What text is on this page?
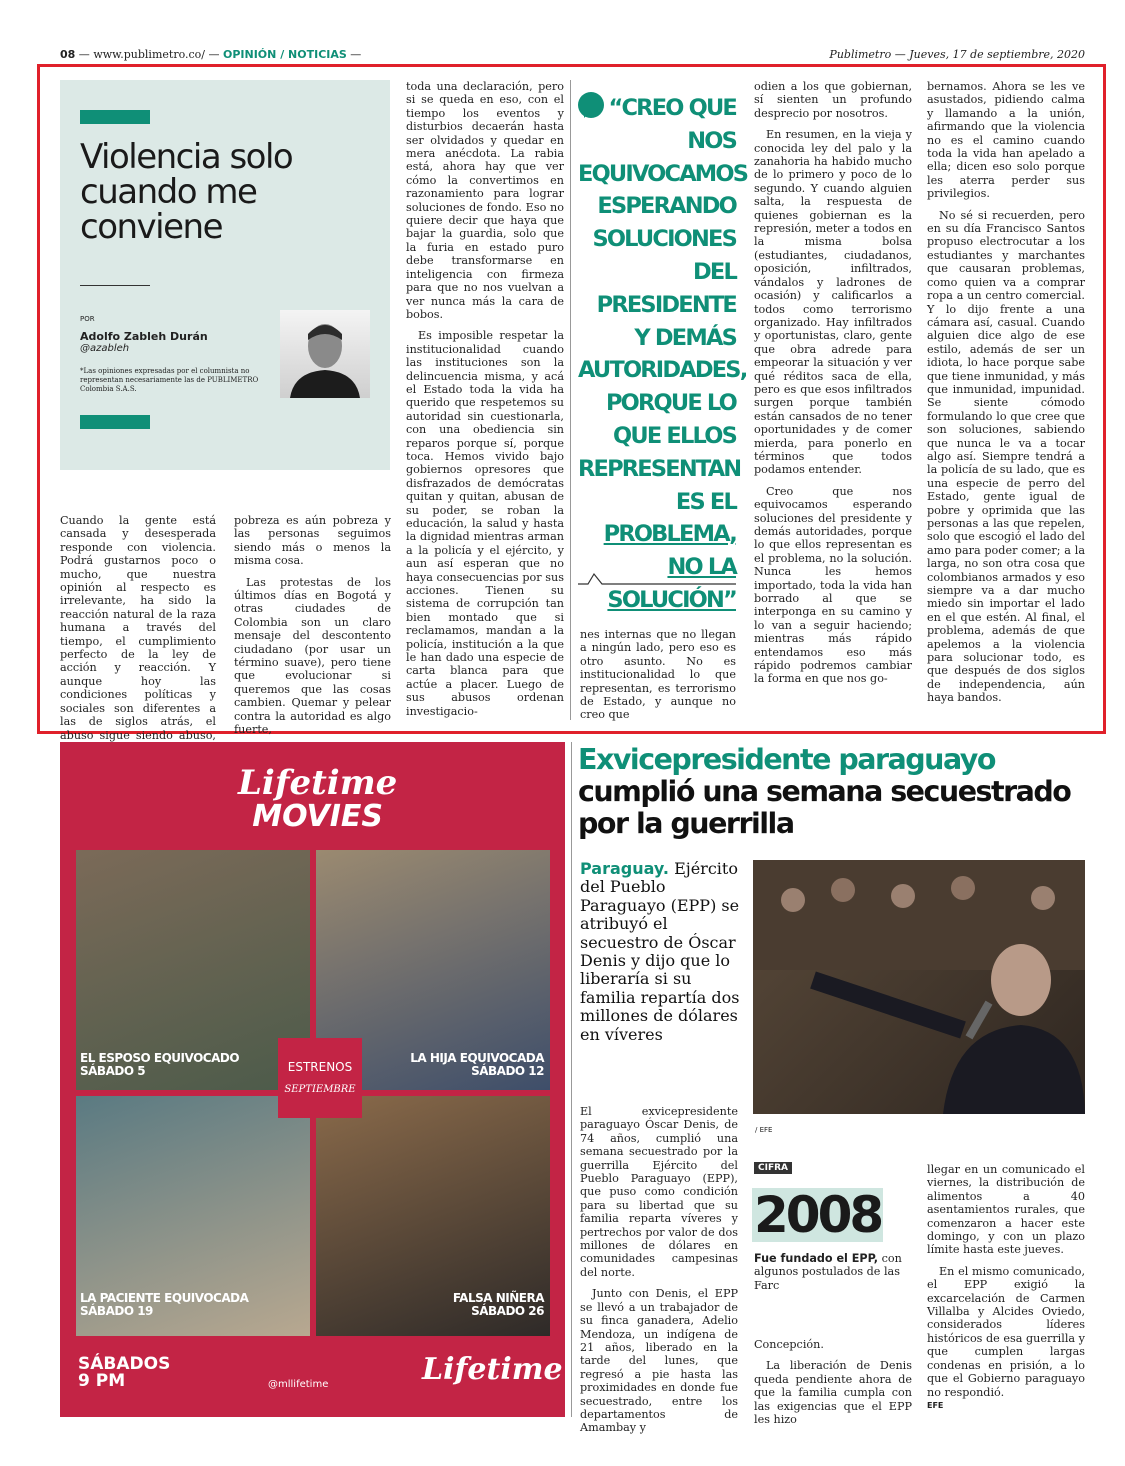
08 — www.publimetro.co/ — OPINIÓN / NOTICIAS —	Publimetro — Jueves, 17 de septiembre, 2020
Violencia solo cuando me conviene
POR
Adolfo Zableh Durán
@azableh
*Las opiniones expresadas por el columnista no representan necesariamente las de PUBLIMETRO Colombia S.A.S.

Cuando la gente está cansada y desesperada responde con violencia. Podrá gustarnos poco o mucho, que nuestra opinión al respecto es irrelevante, ha sido la reacción natural de la raza humana a través del tiempo, el cumplimiento perfecto de la ley de acción y reacción. Y aunque hoy las condiciones políticas y sociales son diferentes a las de siglos atrás, el abuso sigue siendo abuso,

pobreza es aún pobreza y las personas seguimos siendo más o menos la misma cosa.

Las protestas de los últimos días en Bogotá y otras ciudades de Colombia son un claro mensaje del descontento ciudadano (por usar un término suave), pero tiene que evolucionar si queremos que las cosas cambien. Quemar y pelear contra la autoridad es algo fuerte,

toda una declaración, pero si se queda en eso, con el tiempo los eventos y disturbios decaerán hasta ser olvidados y quedar en mera anécdota. La rabia está, ahora hay que ver cómo la convertimos en razonamiento para lograr soluciones de fondo. Eso no quiere decir que haya que bajar la guardia, solo que la furia en estado puro debe transformarse en inteligencia con firmeza para que no nos vuelvan a ver nunca más la cara de bobos.

Es imposible respetar la institucionalidad cuando las instituciones son la delincuencia misma, y acá el Estado toda la vida ha querido que respetemos su autoridad sin cuestionarla, con una obediencia sin reparos porque sí, porque toca. Hemos vivido bajo gobiernos opresores que disfrazados de demócratas quitan y quitan, abusan de su poder, se roban la educación, la salud y hasta la dignidad mientras arman a la policía y el ejército, y aun así esperan que no haya consecuencias por sus acciones. Tienen su sistema de corrupción tan bien montado que si reclamamos, mandan a la policía, institución a la que le han dado una especie de carta blanca para que actúe a placer. Luego de sus abusos ordenan investigacio-

“CREO QUE NOS EQUIVOCAMOS ESPERANDO SOLUCIONES DEL PRESIDENTE Y DEMÁS AUTORIDADES, PORQUE LO QUE ELLOS REPRESENTAN ES EL PROBLEMA, NO LA SOLUCIÓN”

nes internas que no llegan a ningún lado, pero eso es otro asunto. No es institucionalidad lo que representan, es terrorismo de Estado, y aunque no creo que

odien a los que gobiernan, sí sienten un profundo desprecio por nosotros.

En resumen, en la vieja y conocida ley del palo y la zanahoria ha habido mucho de lo primero y poco de lo segundo. Y cuando alguien salta, la respuesta de quienes gobiernan es la represión, meter a todos en la misma bolsa (estudiantes, ciudadanos, oposición, infiltrados, vándalos y ladrones de ocasión) y calificarlos a todos como terrorismo organizado. Hay infiltrados y oportunistas, claro, gente que obra adrede para empeorar la situación y ver qué réditos saca de ella, pero es que esos infiltrados surgen porque también están cansados de no tener oportunidades y de comer mierda, para ponerlo en términos que todos podamos entender.

Creo que nos equivocamos esperando soluciones del presidente y demás autoridades, porque lo que ellos representan es el problema, no la solución. Nunca les hemos importado, toda la vida han borrado al que se interponga en su camino y lo van a seguir haciendo; mientras más rápido entendamos eso más rápido podremos cambiar la forma en que nos go-

bernamos. Ahora se les ve asustados, pidiendo calma y llamando a la unión, afirmando que la violencia no es el camino cuando toda la vida han apelado a ella; dicen eso solo porque les aterra perder sus privilegios.

No sé si recuerden, pero en su día Francisco Santos propuso electrocutar a los estudiantes y marchantes que causaran problemas, como quien va a comprar ropa a un centro comercial. Y lo dijo frente a una cámara así, casual. Cuando alguien dice algo de ese estilo, además de ser un idiota, lo hace porque sabe que tiene inmunidad, y más que inmunidad, impunidad. Se siente cómodo formulando lo que cree que son soluciones, sabiendo que nunca le va a tocar algo así. Siempre tendrá a la policía de su lado, que es una especie de perro del Estado, gente igual de pobre y oprimida que las personas a las que repelen, solo que escogió el lado del amo para poder comer; a la larga, no son otra cosa que colombianos armados y eso siempre va a dar mucho miedo sin importar el lado en el que estén. Al final, el problema, además de que apelemos a la violencia para solucionar todo, es que después de dos siglos de independencia, aún haya bandos.

Lifetime
MOVIES
EL ESPOSO EQUIVOCADO
SÁBADO 5
LA HIJA EQUIVOCADA
SÁBADO 12
LA PACIENTE EQUIVOCADA
SÁBADO 19
FALSA NIÑERA
SÁBADO 26
ESTRENOS
SEPTIEMBRE
SÁBADOS
9 PM	@mllifetime	Lifetime
Exvicepresidente paraguayo
cumplió una semana secuestrado por la guerrilla
Paraguay. Ejército del Pueblo Paraguayo (EPP) se atribuyó el secuestro de Óscar Denis y dijo que lo liberaría si su familia repartía dos millones de dólares en víveres
/ EFE

El exvicepresidente paraguayo Óscar Denis, de 74 años, cumplió una semana secuestrado por la guerrilla Ejército del Pueblo Paraguayo (EPP), que puso como condición para su libertad que su familia reparta víveres y pertrechos por valor de dos millones de dólares en comunidades campesinas del norte.

Junto con Denis, el EPP se llevó a un trabajador de su finca ganadera, Adelio Mendoza, un indígena de 21 años, liberado en la tarde del lunes, que regresó a pie hasta las proximidades en donde fue secuestrado, entre los departamentos de Amambay y

CIFRA
2008
Fue fundado el EPP, con algunos postulados de las Farc

Concepción.

La liberación de Denis queda pendiente ahora de que la familia cumpla con las exigencias que el EPP les hizo

llegar en un comunicado el viernes, la distribución de alimentos a 40 asentamientos rurales, que comenzaron a hacer este domingo, y con un plazo límite hasta este jueves.

En el mismo comunicado, el EPP exigió la excarcelación de Carmen Villalba y Alcides Oviedo, considerados líderes históricos de esa guerrilla y que cumplen largas condenas en prisión, a lo que el Gobierno paraguayo no respondió.

EFE
